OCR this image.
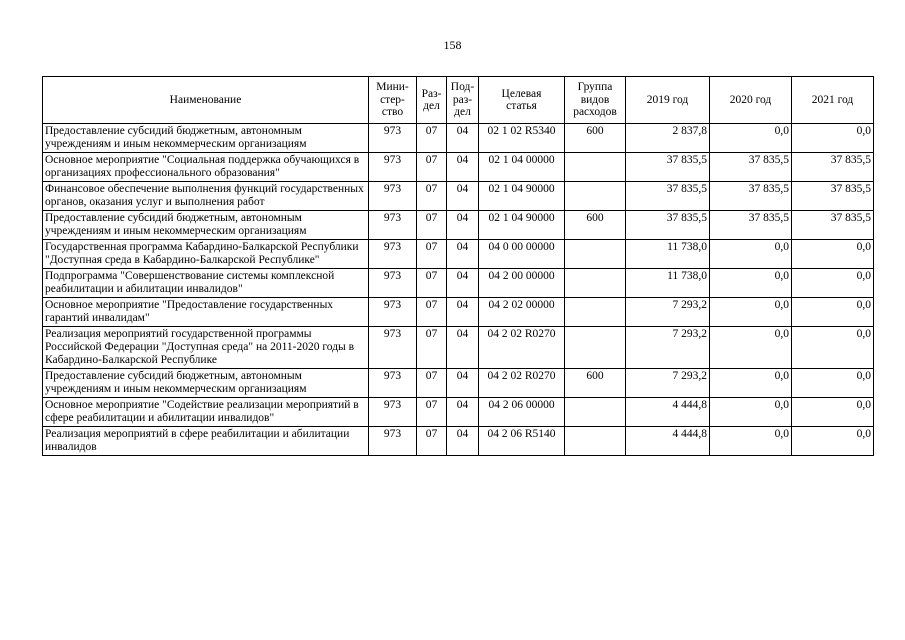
158
Наименование	Мини-
стер-
ство	Раз-
дел	Под-
раз-
дел	Целевая
статья	Группа
видов
расходов	2019 год	2020 год	2021 год
Предоставление субсидий бюджетным, автономным учреждениям и иным некоммерческим организациям	973	07	04	02 1 02 R5340	600	2 837,8	0,0	0,0
Основное мероприятие "Социальная поддержка обучающихся в организациях профессионального образования"	973	07	04	02 1 04 00000		37 835,5	37 835,5	37 835,5
Финансовое обеспечение выполнения функций государственных органов, оказания услуг и выполнения работ	973	07	04	02 1 04 90000		37 835,5	37 835,5	37 835,5
Предоставление субсидий бюджетным, автономным учреждениям и иным некоммерческим организациям	973	07	04	02 1 04 90000	600	37 835,5	37 835,5	37 835,5
Государственная программа Кабардино-Балкарской Республики "Доступная среда в Кабардино-Балкарской Республике"	973	07	04	04 0 00 00000		11 738,0	0,0	0,0
Подпрограмма "Совершенствование системы комплексной реабилитации и абилитации инвалидов"	973	07	04	04 2 00 00000		11 738,0	0,0	0,0
Основное мероприятие "Предоставление государственных гарантий инвалидам"	973	07	04	04 2 02 00000		7 293,2	0,0	0,0
Реализация мероприятий государственной программы Российской Федерации "Доступная среда" на 2011-2020 годы в Кабардино-Балкарской Республике	973	07	04	04 2 02 R0270		7 293,2	0,0	0,0
Предоставление субсидий бюджетным, автономным учреждениям и иным некоммерческим организациям	973	07	04	04 2 02 R0270	600	7 293,2	0,0	0,0
Основное мероприятие "Содействие реализации мероприятий в сфере реабилитации и абилитации инвалидов"	973	07	04	04 2 06 00000		4 444,8	0,0	0,0
Реализация мероприятий в сфере реабилитации и абилитации инвалидов	973	07	04	04 2 06 R5140		4 444,8	0,0	0,0
